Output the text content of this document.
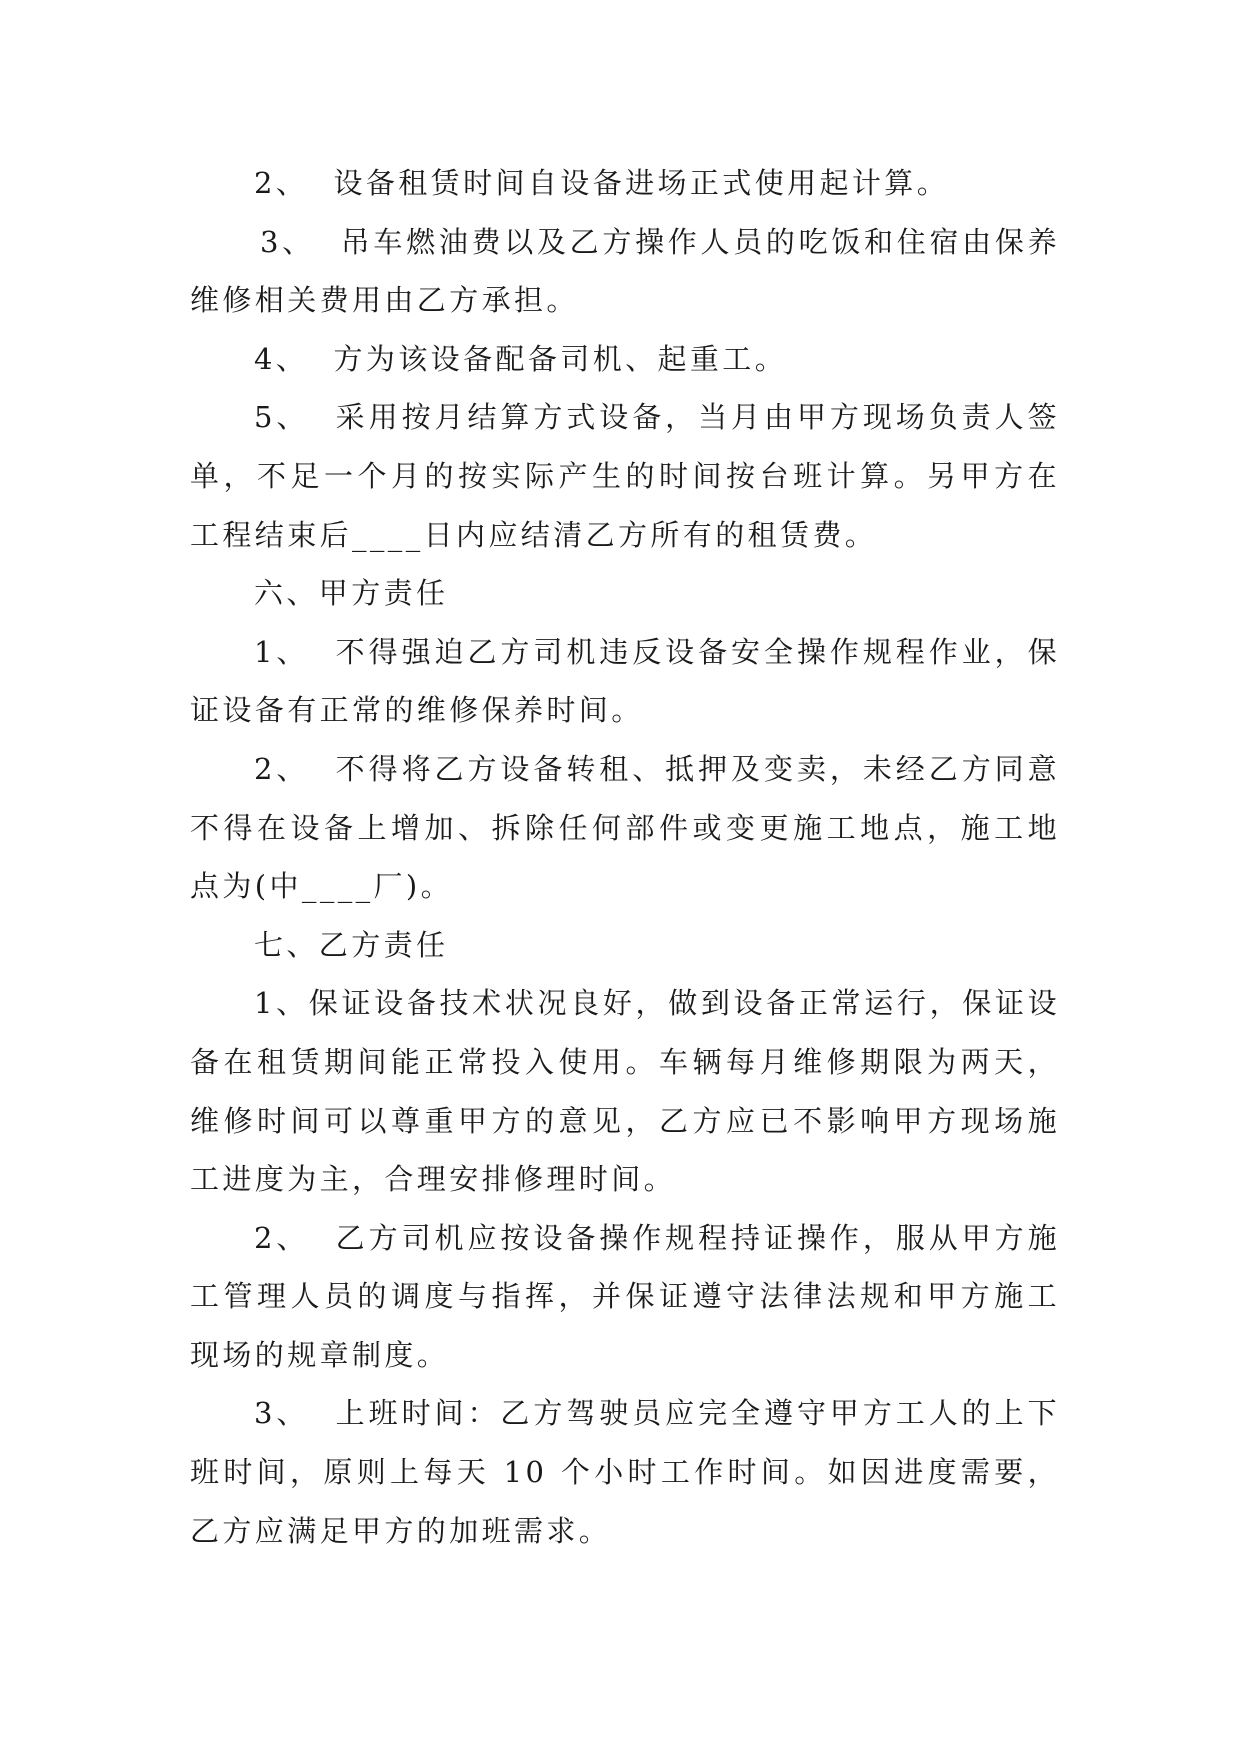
2、  设备租赁时间自设备进场正式使用起计算。

3、  吊车燃油费以及乙方操作人员的吃饭和住宿由保养维修相关费用由乙方承担。

4、  方为该设备配备司机、起重工。

5、  采用按月结算方式设备，当月由甲方现场负责人签单，不足一个月的按实际产生的时间按台班计算。另甲方在工程结束后____日内应结清乙方所有的租赁费。

六、甲方责任

1、  不得强迫乙方司机违反设备安全操作规程作业，保证设备有正常的维修保养时间。

2、  不得将乙方设备转租、抵押及变卖，未经乙方同意不得在设备上增加、拆除任何部件或变更施工地点，施工地点为(中____厂)。

七、乙方责任

1、保证设备技术状况良好，做到设备正常运行，保证设备在租赁期间能正常投入使用。车辆每月维修期限为两天，维修时间可以尊重甲方的意见，乙方应已不影响甲方现场施工进度为主，合理安排修理时间。

2、  乙方司机应按设备操作规程持证操作，服从甲方施工管理人员的调度与指挥，并保证遵守法律法规和甲方施工现场的规章制度。

3、  上班时间：乙方驾驶员应完全遵守甲方工人的上下班时间，原则上每天 10 个小时工作时间。如因进度需要，乙方应满足甲方的加班需求。
